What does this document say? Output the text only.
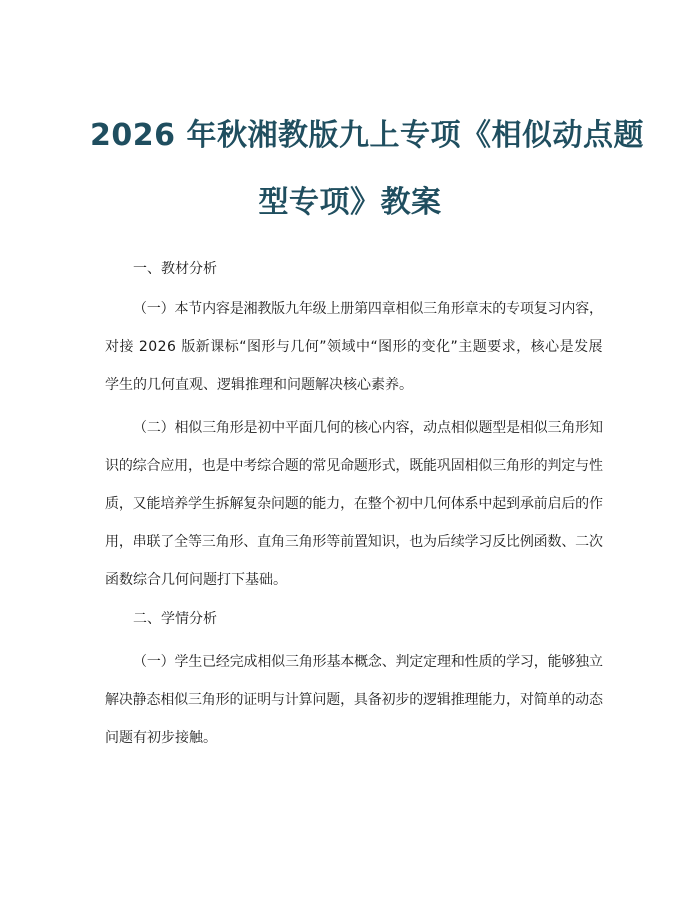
2026 年秋湘教版九上专项《相似动点题
型专项》教案
一、教材分析
（一）本节内容是湘教版九年级上册第四章相似三角形章末的专项复习内容，
对接 2026 版新课标“图形与几何”领域中“图形的变化”主题要求，核心是发展
学生的几何直观、逻辑推理和问题解决核心素养。
（二）相似三角形是初中平面几何的核心内容，动点相似题型是相似三角形知
识的综合应用，也是中考综合题的常见命题形式，既能巩固相似三角形的判定与性
质，又能培养学生拆解复杂问题的能力，在整个初中几何体系中起到承前启后的作
用，串联了全等三角形、直角三角形等前置知识，也为后续学习反比例函数、二次
函数综合几何问题打下基础。
二、学情分析
（一）学生已经完成相似三角形基本概念、判定定理和性质的学习，能够独立
解决静态相似三角形的证明与计算问题，具备初步的逻辑推理能力，对简单的动态
问题有初步接触。
